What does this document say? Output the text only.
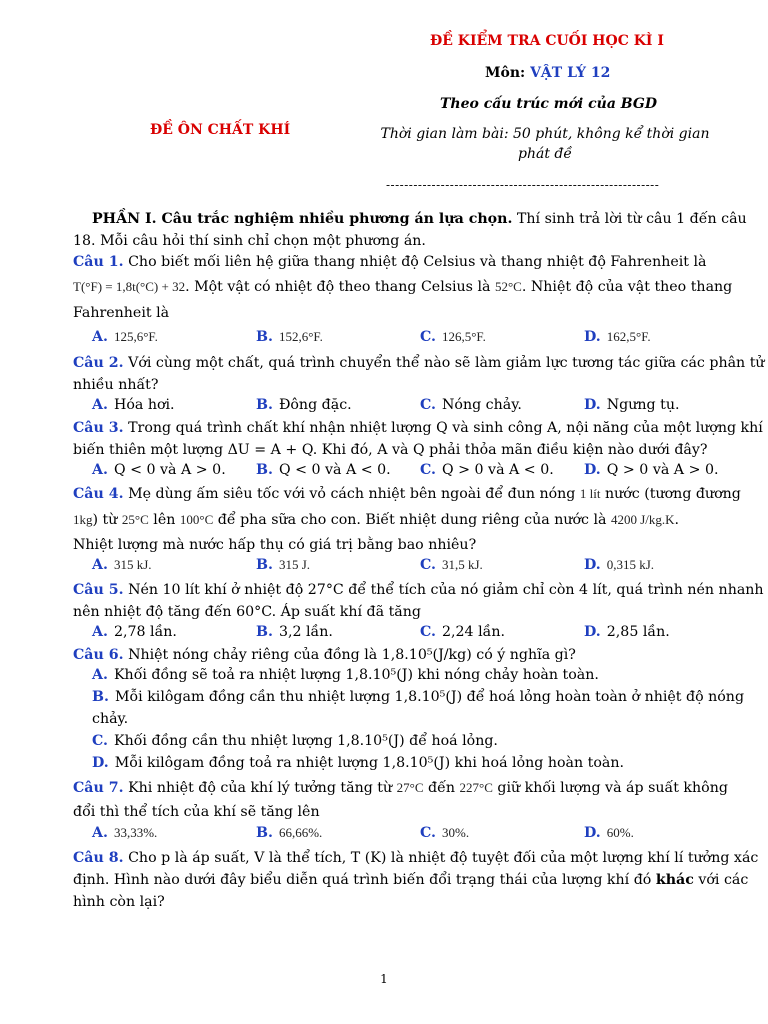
ĐỀ KIỂM TRA CUỐI HỌC KÌ I
Môn: VẬT LÝ 12
Theo cấu trúc mới của BGD
ĐỀ ÔN CHẤT KHÍ	Thời gian làm bài: 50 phút, không kể thời gian
phát đề
------------------------------------------------------------
PHẦN I. Câu trắc nghiệm nhiều phương án lựa chọn. Thí sinh trả lời từ câu 1 đến câu
18. Mỗi câu hỏi thí sinh chỉ chọn một phương án.
Câu 1. Cho biết mối liên hệ giữa thang nhiệt độ Celsius và thang nhiệt độ Fahrenheit là
T(°F) = 1,8t(°C) + 32. Một vật có nhiệt độ theo thang Celsius là 52°C. Nhiệt độ của vật theo thang
Fahrenheit là
A. 125,6°F.	B. 152,6°F.	C. 126,5°F.	D. 162,5°F.
Câu 2. Với cùng một chất, quá trình chuyển thể nào sẽ làm giảm lực tương tác giữa các phân tử
nhiều nhất?
A. Hóa hơi.	B. Đông đặc.	C. Nóng chảy.	D. Ngưng tụ.
Câu 3. Trong quá trình chất khí nhận nhiệt lượng Q và sinh công A, nội năng của một lượng khí
biến thiên một lượng ΔU = A + Q. Khi đó, A và Q phải thỏa mãn điều kiện nào dưới đây?
A. Q < 0 và A > 0. B. Q < 0 và A < 0. C. Q > 0 và A < 0. D. Q > 0 và A > 0.
Câu 4. Mẹ dùng ấm siêu tốc với vỏ cách nhiệt bên ngoài để đun nóng 1 lít nước (tương đương
1kg) từ 25°C lên 100°C để pha sữa cho con. Biết nhiệt dung riêng của nước là 4200 J/kg.K.
Nhiệt lượng mà nước hấp thụ có giá trị bằng bao nhiêu?
A. 315 kJ.	B. 315 J.	C. 31,5 kJ.	D. 0,315 kJ.
Câu 5. Nén 10 lít khí ở nhiệt độ 27°C để thể tích của nó giảm chỉ còn 4 lít, quá trình nén nhanh
nên nhiệt độ tăng đến 60°C. Áp suất khí đã tăng
A. 2,78 lần.	B. 3,2 lần.	C. 2,24 lần.	D. 2,85 lần.
Câu 6. Nhiệt nóng chảy riêng của đồng là 1,8.10⁵(J/kg) có ý nghĩa gì?
A. Khối đồng sẽ toả ra nhiệt lượng 1,8.10⁵(J) khi nóng chảy hoàn toàn.
B. Mỗi kilôgam đồng cần thu nhiệt lượng 1,8.10⁵(J) để hoá lỏng hoàn toàn ở nhiệt độ nóng
chảy.
C. Khối đồng cần thu nhiệt lượng 1,8.10⁵(J) để hoá lỏng.
D. Mỗi kilôgam đồng toả ra nhiệt lượng 1,8.10⁵(J) khi hoá lỏng hoàn toàn.
Câu 7. Khi nhiệt độ của khí lý tưởng tăng từ 27°C đến 227°C giữ khối lượng và áp suất không
đổi thì thể tích của khí sẽ tăng lên
A. 33,33%.	B. 66,66%.	C. 30%.	D. 60%.
Câu 8. Cho p là áp suất, V là thể tích, T (K) là nhiệt độ tuyệt đối của một lượng khí lí tưởng xác
định. Hình nào dưới đây biểu diễn quá trình biến đổi trạng thái của lượng khí đó khác với các
hình còn lại?
1
